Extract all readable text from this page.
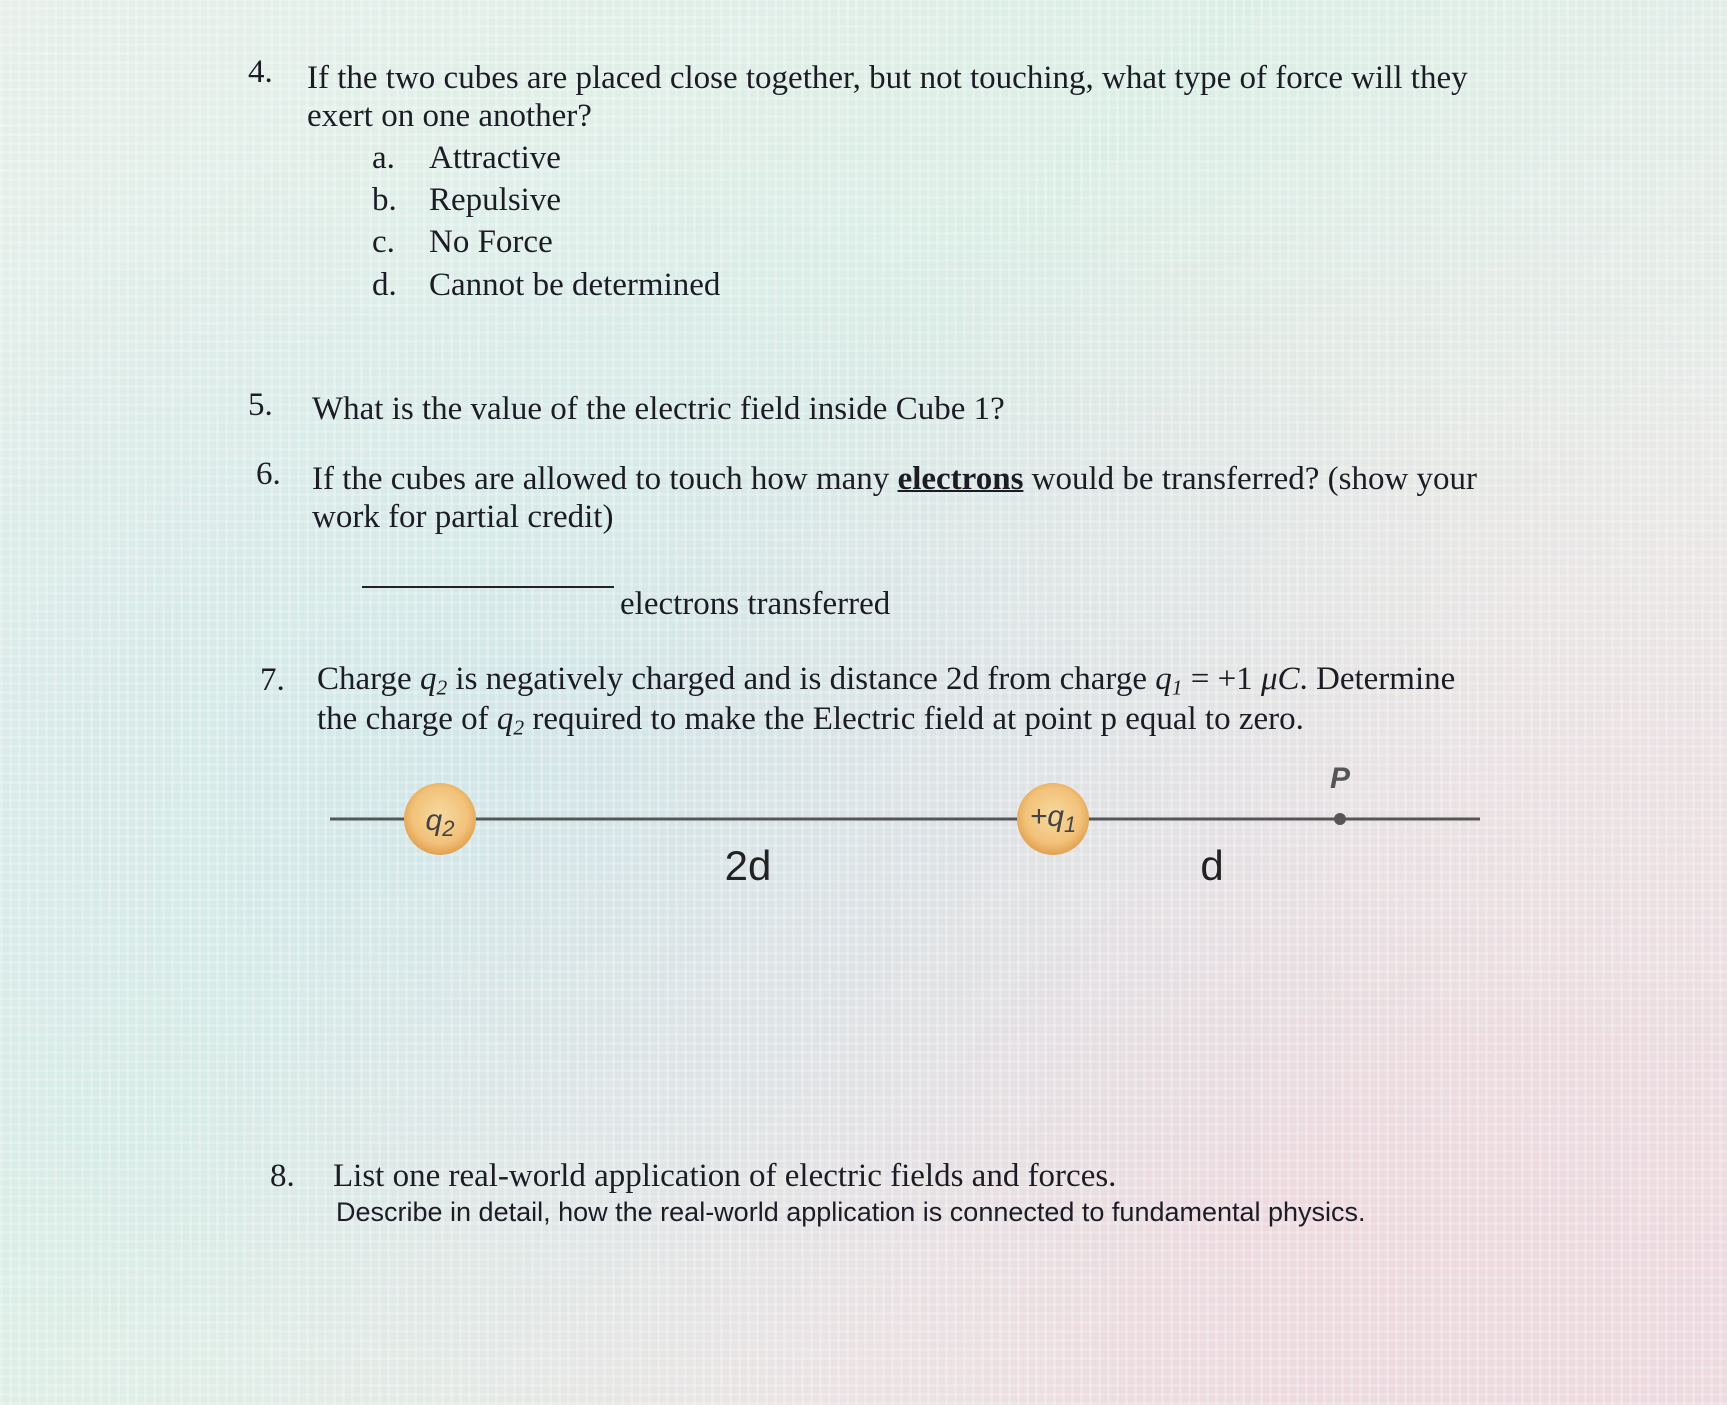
4. If the two cubes are placed close together, but not touching, what type of force will they
exert on one another?
a. Attractive
b. Repulsive
c. No Force
d. Cannot be determined
5. What is the value of the electric field inside Cube 1?
6. If the cubes are allowed to touch how many electrons would be transferred? (show your
work for partial credit)
electrons transferred
7. Charge $q_2$ is negatively charged and is distance 2d from charge $q_1 = +1$ μC. Determine
the charge of $q_2$ required to make the Electric field at point p equal to zero.
$q_2$	$+q_1$
P
2d	d
8. List one real-world application of electric fields and forces.
Describe in detail, how the real-world application is connected to fundamental physics.
